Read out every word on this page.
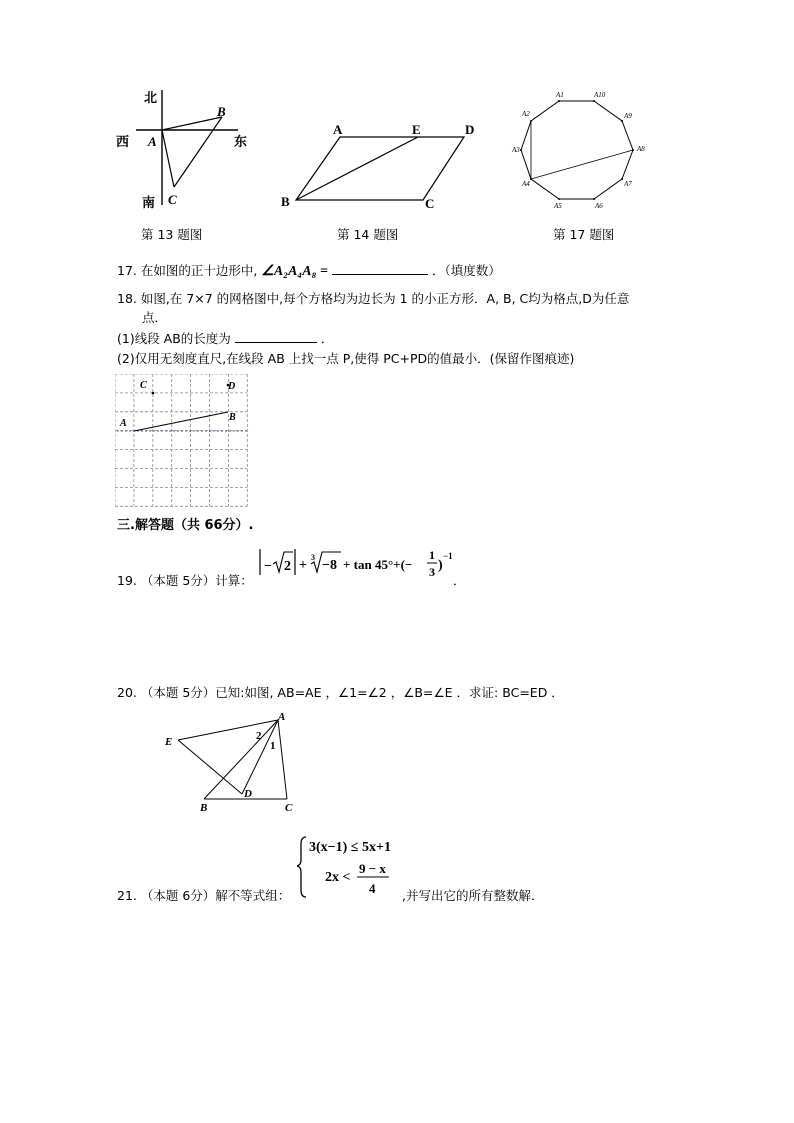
北
南
西	东
A
B
C
第 13 题图
A	E	D
B	C
第 14 题图
A1	A10
A9
A8
A7
A6
A5
A4
A3
A2
第 17 题图
17. 在如图的正十边形中, ∠A₂A₄A₈ =	．（填度数）
18. 如图,在 7×7 的网格图中,每个方格均为边长为 1 的小正方形．A, B, C均为格点,D为任意
点．
(1)线段 AB的长度为	．
(2)仅用无刻度直尺,在线段 AB 上找一点 P,使得 PC+PD的值最小．(保留作图痕迹)
C	D
A
B
三.解答题（共 66分）.
19. （本题 5分）计算：
− 2 +
3
−8 + tan 45°+(−
1
3 )
−1
．
20. （本题 5分）已知:如图, AB=AE ，∠1=∠2 ，∠B=∠E ．求证: BC=ED ．
E
A
2
1
B
D
C
21. （本题 6分）解不等式组：
3(x−1) ≤ 5x+1
2x <
9 − x
4 ,并写出它的所有整数解．
